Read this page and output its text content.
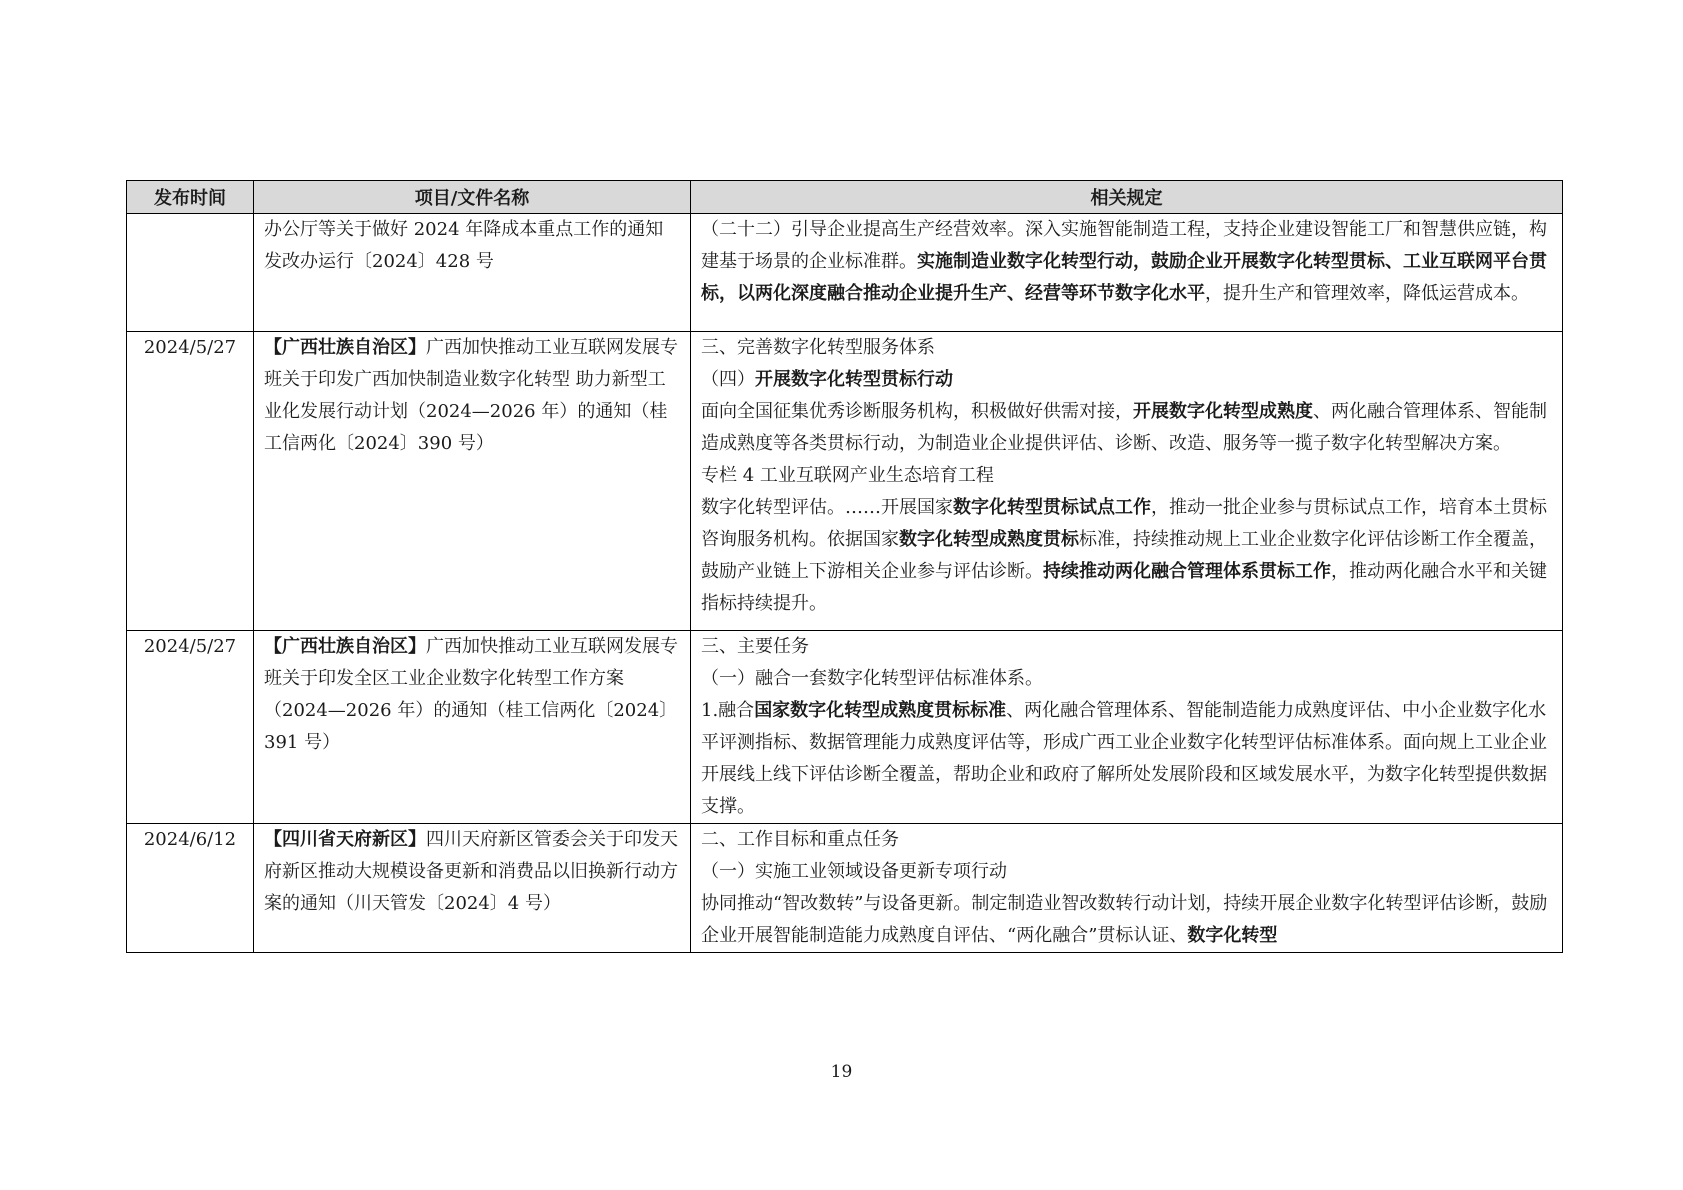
发布时间	项目/文件名称	相关规定
	办公厅等关于做好 2024 年降成本重点工作的通知发改办运行〔2024〕428 号	（二十二）引导企业提高生产经营效率。深入实施智能制造工程，支持企业建设智能工厂和智慧供应链，构建基于场景的企业标准群。实施制造业数字化转型行动，鼓励企业开展数字化转型贯标、工业互联网平台贯标，以两化深度融合推动企业提升生产、经营等环节数字化水平，提升生产和管理效率，降低运营成本。

2024/5/27	【广西壮族自治区】广西加快推动工业互联网发展专班关于印发广西加快制造业数字化转型 助力新型工业化发展行动计划（2024—2026 年）的通知（桂工信两化〔2024〕390 号）	三、完善数字化转型服务体系
（四）开展数字化转型贯标行动
面向全国征集优秀诊断服务机构，积极做好供需对接，开展数字化转型成熟度、两化融合管理体系、智能制造成熟度等各类贯标行动，为制造业企业提供评估、诊断、改造、服务等一揽子数字化转型解决方案。
专栏 4 工业互联网产业生态培育工程
数字化转型评估。……开展国家数字化转型贯标试点工作，推动一批企业参与贯标试点工作，培育本土贯标咨询服务机构。依据国家数字化转型成熟度贯标标准，持续推动规上工业企业数字化评估诊断工作全覆盖，鼓励产业链上下游相关企业参与评估诊断。持续推动两化融合管理体系贯标工作，推动两化融合水平和关键指标持续提升。

2024/5/27	【广西壮族自治区】广西加快推动工业互联网发展专班关于印发全区工业企业数字化转型工作方案 （2024—2026 年）的通知（桂工信两化〔2024〕391 号）	三、主要任务
（一）融合一套数字化转型评估标准体系。
1.融合国家数字化转型成熟度贯标标准、两化融合管理体系、智能制造能力成熟度评估、中小企业数字化水平评测指标、数据管理能力成熟度评估等，形成广西工业企业数字化转型评估标准体系。面向规上工业企业开展线上线下评估诊断全覆盖，帮助企业和政府了解所处发展阶段和区域发展水平，为数字化转型提供数据支撑。

2024/6/12	【四川省天府新区】四川天府新区管委会关于印发天府新区推动大规模设备更新和消费品以旧换新行动方案的通知（川天管发〔2024〕4 号）	二、工作目标和重点任务
（一）实施工业领域设备更新专项行动
协同推动“智改数转”与设备更新。制定制造业智改数转行动计划，持续开展企业数字化转型评估诊断，鼓励企业开展智能制造能力成熟度自评估、“两化融合”贯标认证、数字化转型
19
